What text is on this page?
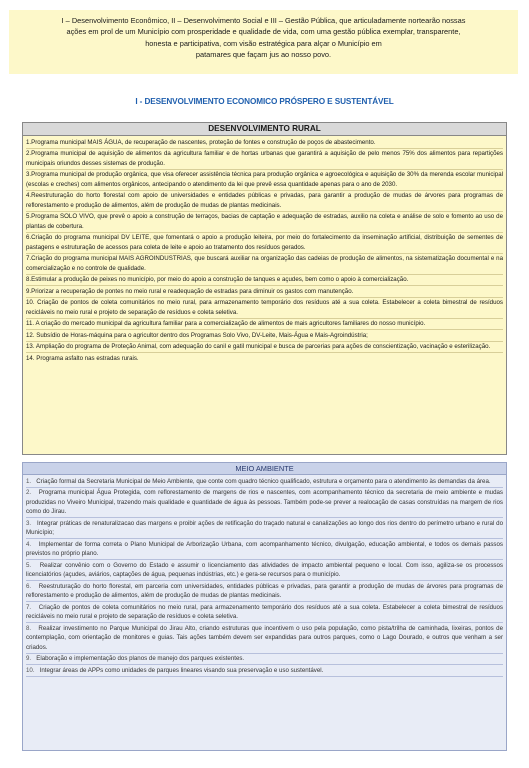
I – Desenvolvimento Econômico, II – Desenvolvimento Social e III – Gestão Pública, que articuladamente nortearão nossas
ações em prol de um Município com prosperidade e qualidade de vida, com uma gestão pública exemplar, transparente,
honesta e participativa, com visão estratégica para alçar o Município em
patamares que façam jus ao nosso povo.
I - DESENVOLVIMENTO ECONOMICO PRÓSPERO E SUSTENTÁVEL
DESENVOLVIMENTO RURAL
1.Programa municipal MAIS ÁGUA, de recuperação de nascentes, proteção de fontes e construção de poços de abastecimento.
2.Programa municipal de aquisição de alimentos da agricultura familiar e de hortas urbanas que garantirá a aquisição de pelo menos 75% dos alimentos para repartições municipais oriundos desses sistemas de produção.
3.Programa municipal de produção orgânica, que visa oferecer assistência técnica para produção orgânica e agroecológica e aquisição de 30% da merenda escolar municipal (escolas e creches) com alimentos orgânicos, antecipando o atendimento da lei que prevê essa quantidade apenas para o ano de 2030.
4.Reestruturação do horto florestal com apoio de universidades e entidades públicas e privadas, para garantir a produção de mudas de árvores para programas de reflorestamento e produção de alimentos, além de produção de mudas de plantas medicinais.
5.Programa SOLO VIVO, que prevê o apoio a construção de terraços, bacias de captação e adequação de estradas, auxilio na coleta e análise de solo e fomento ao uso de plantas de cobertura.
6.Criação do programa municipal DV LEITE, que fomentará o apoio a produção leiteira, por meio do fortalecimento da inseminação artificial, distribuição de sementes de pastagens e estruturação de acessos para coleta de leite e apoio ao tratamento dos resíduos gerados.
7.Criação do programa municipal MAIS AGROINDUSTRIAS, que buscará auxiliar na organização das cadeias de produção de alimentos, na sistematização documental e na comercialização e no controle de qualidade.
8.Estimular a produção de peixes no município, por meio do apoio a construção de tanques e açudes, bem como o apoio à comercialização.
9.Priorizar a recuperação de pontes no meio rural e readequação de estradas para diminuir os gastos com manutenção.
10. Criação de pontos de coleta comunitários no meio rural, para armazenamento temporário dos resíduos até a sua coleta. Estabelecer a coleta bimestral de resíduos recicláveis no meio rural e projeto de separação de resíduos e coleta seletiva.
11. A criação do mercado municipal da agricultura familiar para a comercialização de alimentos de mais agricultores familiares do nosso município.
12. Subsídio de Horas-máquina para o agricultor dentro dos Programas Solo Vivo, DV-Leite, Mais-Água e Mais-Agroindústria;
13. Ampliação do programa de Proteção Animal, com adequação do canil e gatil municipal e busca de parcerias para ações de conscientização, vacinação e esterilização.
14. Programa asfalto nas estradas rurais.
MEIO AMBIENTE
1. Criação formal da Secretaria Municipal de Meio Ambiente, que conte com quadro técnico qualificado, estrutura e orçamento para o atendimento às demandas da área.
2. Programa municipal Água Protegida, com reflorestamento de margens de rios e nascentes, com acompanhamento técnico da secretaria de meio ambiente e mudas produzidas no Viveiro Municipal, trazendo mais qualidade e quantidade de água às pessoas. Também pode-se prever a realocação de casas construídas na margem de rios como do Jirau.
3. Integrar práticas de renaturalizacao das margens e proibir ações de retificação do traçado natural e canalizações ao longo dos rios dentro do perímetro urbano e rural do Município;
4. Implementar de forma correta o Plano Municipal de Arborização Urbana, com acompanhamento técnico, divulgação, educação ambiental, e todos os demais passos previstos no próprio plano.
5. Realizar convênio com o Governo do Estado e assumir o licenciamento das atividades de impacto ambiental pequeno e local. Com isso, agiliza-se os processos licenciatórios (açudes, aviários, captações de água, pequenas indústrias, etc.) e gera-se recursos para o município.
6. Reestruturação do horto florestal, em parceria com universidades, entidades públicas e privadas, para garantir a produção de mudas de árvores para programas de reflorestamento e produção de alimentos, além de produção de mudas de plantas medicinais.
7. Criação de pontos de coleta comunitários no meio rural, para armazenamento temporário dos resíduos até a sua coleta. Estabelecer a coleta bimestral de resíduos recicláveis no meio rural e projeto de separação de resíduos e coleta seletiva.
8. Realizar investimento no Parque Municipal do Jirau Alto, criando estruturas que incentivem o uso pela população, como pista/trilha de caminhada, lixeiras, pontos de contemplação, com orientação de monitores e guias. Tais ações também devem ser expandidas para outros parques, como o Lago Dourado, e outros que venham a ser criados.
9. Elaboração e implementação dos planos de manejo dos parques existentes.
10. Integrar áreas de APPs como unidades de parques lineares visando sua preservação e uso sustentável.
